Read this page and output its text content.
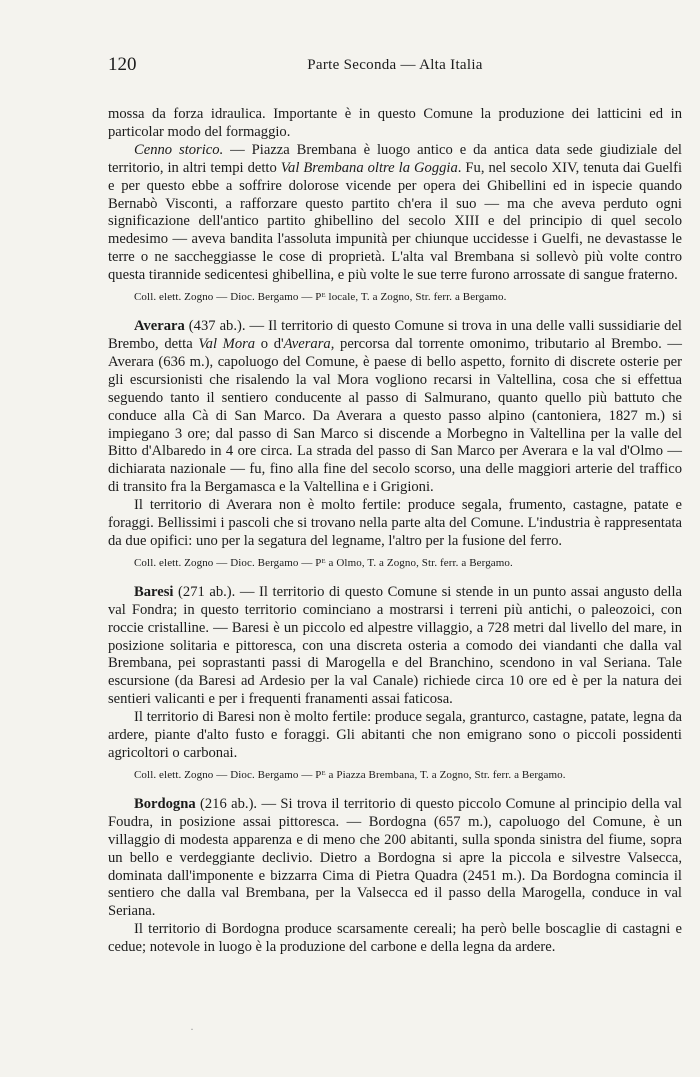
120	Parte Seconda — Alta Italia

mossa da forza idraulica. Importante è in questo Comune la produzione dei latticini ed in particolar modo del formaggio.

Cenno storico. — Piazza Brembana è luogo antico e da antica data sede giudiziale del territorio, in altri tempi detto Val Brembana oltre la Goggia. Fu, nel secolo XIV, tenuta dai Guelfi e per questo ebbe a soffrire dolorose vicende per opera dei Ghibellini ed in ispecie quando Bernabò Visconti, a rafforzare questo partito ch'era il suo — ma che aveva perduto ogni significazione dell'antico partito ghibellino del secolo XIII e del principio di quel secolo medesimo — aveva bandita l'assoluta impunità per chiunque uccidesse i Guelfi, ne devastasse le terre o ne saccheggiasse le cose di proprietà. L'alta val Brembana si sollevò più volte contro questa tirannide sedicentesi ghibellina, e più volte le sue terre furono arrossate di sangue fraterno.

Coll. elett. Zogno — Dioc. Bergamo — Pᴱ locale, T. a Zogno, Str. ferr. a Bergamo.

Averara (437 ab.). — Il territorio di questo Comune si trova in una delle valli sussidiarie del Brembo, detta Val Mora o d'Averara, percorsa dal torrente omonimo, tributario al Brembo. — Averara (636 m.), capoluogo del Comune, è paese di bello aspetto, fornito di discrete osterie per gli escursionisti che risalendo la val Mora vogliono recarsi in Valtellina, cosa che si effettua seguendo tanto il sentiero conducente al passo di Salmurano, quanto quello più battuto che conduce alla Cà di San Marco. Da Averara a questo passo alpino (cantoniera, 1827 m.) si impiegano 3 ore; dal passo di San Marco si discende a Morbegno in Valtellina per la valle del Bitto d'Albaredo in 4 ore circa. La strada del passo di San Marco per Averara e la val d'Olmo — dichiarata nazionale — fu, fino alla fine del secolo scorso, una delle maggiori arterie del traffico di transito fra la Bergamasca e la Valtellina e i Grigioni.

Il territorio di Averara non è molto fertile: produce segala, frumento, castagne, patate e foraggi. Bellissimi i pascoli che si trovano nella parte alta del Comune. L'industria è rappresentata da due opifici: uno per la segatura del legname, l'altro per la fusione del ferro.

Coll. elett. Zogno — Dioc. Bergamo — Pᴱ a Olmo, T. a Zogno, Str. ferr. a Bergamo.

Baresi (271 ab.). — Il territorio di questo Comune si stende in un punto assai angusto della val Fondra; in questo territorio cominciano a mostrarsi i terreni più antichi, o paleozoici, con roccie cristalline. — Baresi è un piccolo ed alpestre villaggio, a 728 metri dal livello del mare, in posizione solitaria e pittoresca, con una discreta osteria a comodo dei viandanti che dalla val Brembana, pei soprastanti passi di Marogella e del Branchino, scendono in val Seriana. Tale escursione (da Baresi ad Ardesio per la val Canale) richiede circa 10 ore ed è per la natura dei sentieri valicanti e per i frequenti franamenti assai faticosa.

Il territorio di Baresi non è molto fertile: produce segala, granturco, castagne, patate, legna da ardere, piante d'alto fusto e foraggi. Gli abitanti che non emigrano sono o piccoli possidenti agricoltori o carbonai.

Coll. elett. Zogno — Dioc. Bergamo — Pᴱ a Piazza Brembana, T. a Zogno, Str. ferr. a Bergamo.

Bordogna (216 ab.). — Si trova il territorio di questo piccolo Comune al principio della val Foudra, in posizione assai pittoresca. — Bordogna (657 m.), capoluogo del Comune, è un villaggio di modesta apparenza e di meno che 200 abitanti, sulla sponda sinistra del fiume, sopra un bello e verdeggiante declivio. Dietro a Bordogna si apre la piccola e silvestre Valsecca, dominata dall'imponente e bizzarra Cima di Pietra Quadra (2451 m.). Da Bordogna comincia il sentiero che dalla val Brembana, per la Valsecca ed il passo della Marogella, conduce in val Seriana.

Il territorio di Bordogna produce scarsamente cereali; ha però belle boscaglie di castagni e cedue; notevole in luogo è la produzione del carbone e della legna da ardere.

·
